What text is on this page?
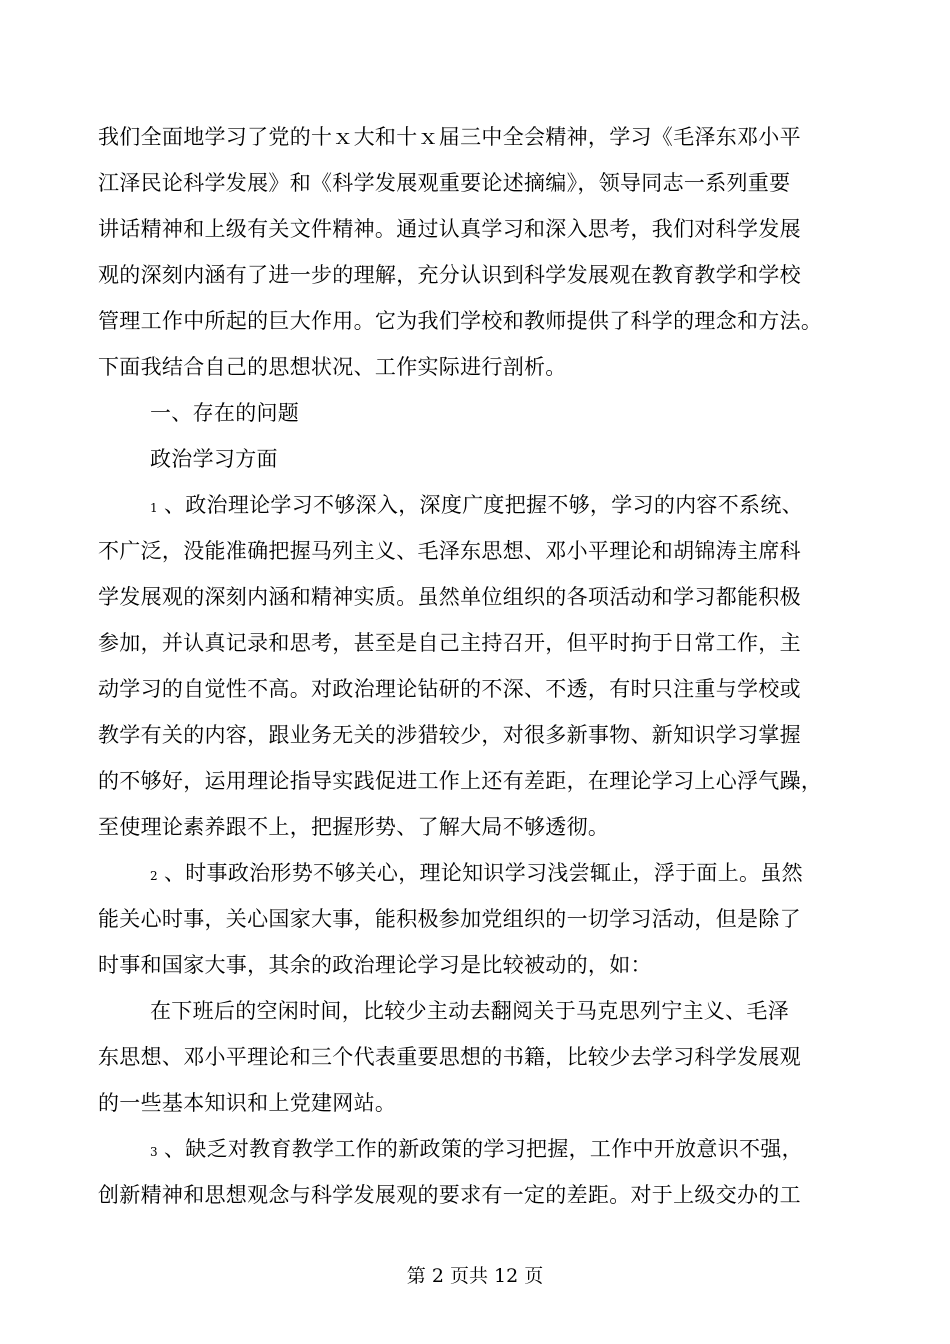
我们全面地学习了党的十ｘ大和十ｘ届三中全会精神，学习《毛泽东邓小平
江泽民论科学发展》和《科学发展观重要论述摘编》，领导同志一系列重要
讲话精神和上级有关文件精神。通过认真学习和深入思考，我们对科学发展
观的深刻内涵有了进一步的理解，充分认识到科学发展观在教育教学和学校
管理工作中所起的巨大作用。它为我们学校和教师提供了科学的理念和方法。
下面我结合自己的思想状况、工作实际进行剖析。
一、存在的问题
政治学习方面
1 、政治理论学习不够深入，深度广度把握不够，学习的内容不系统、
不广泛，没能准确把握马列主义、毛泽东思想、邓小平理论和胡锦涛主席科
学发展观的深刻内涵和精神实质。虽然单位组织的各项活动和学习都能积极
参加，并认真记录和思考，甚至是自己主持召开，但平时拘于日常工作，主
动学习的自觉性不高。对政治理论钻研的不深、不透，有时只注重与学校或
教学有关的内容，跟业务无关的涉猎较少，对很多新事物、新知识学习掌握
的不够好，运用理论指导实践促进工作上还有差距，在理论学习上心浮气躁，
至使理论素养跟不上，把握形势、了解大局不够透彻。
2 、时事政治形势不够关心，理论知识学习浅尝辄止，浮于面上。虽然
能关心时事，关心国家大事，能积极参加党组织的一切学习活动，但是除了
时事和国家大事，其余的政治理论学习是比较被动的，如：
在下班后的空闲时间，比较少主动去翻阅关于马克思列宁主义、毛泽
东思想、邓小平理论和三个代表重要思想的书籍，比较少去学习科学发展观
的一些基本知识和上党建网站。
3 、缺乏对教育教学工作的新政策的学习把握，工作中开放意识不强，
创新精神和思想观念与科学发展观的要求有一定的差距。对于上级交办的工
第 2 页共 12 页
